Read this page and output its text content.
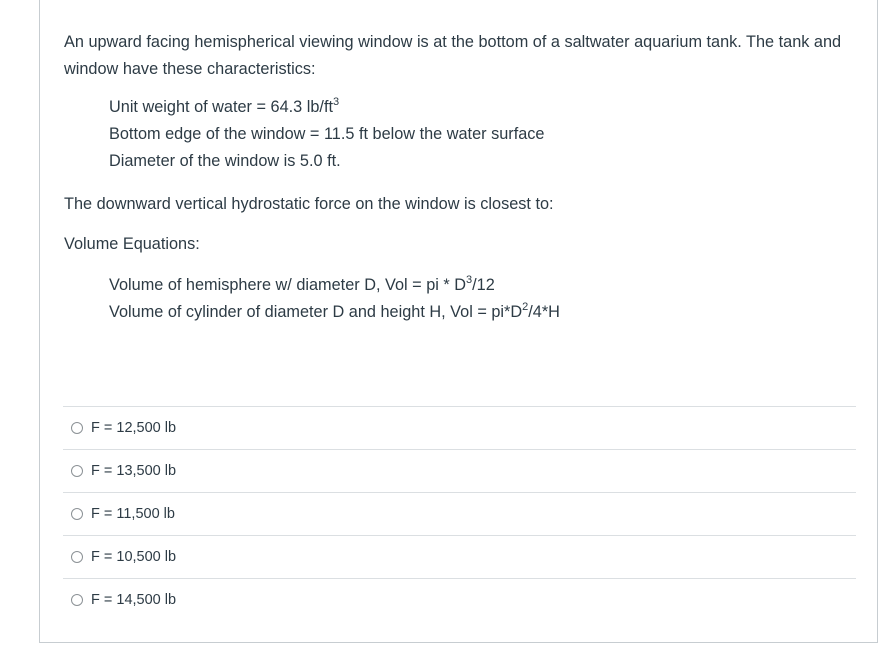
An upward facing hemispherical viewing window is at the bottom of a saltwater aquarium tank. The tank and window have these characteristics:

Unit weight of water = 64.3 $lb/ft^3$
Bottom edge of the window = 11.5 ft below the water surface
Diameter of the window is 5.0 ft.

The downward vertical hydrostatic force on the window is closest to:

Volume Equations:

Volume of hemisphere w/ diameter D, Vol = pi * $D^3/12$
Volume of cylinder of diameter D and height H, Vol = $pi*D^2/4*H$
F = 12,500 lb
F = 13,500 lb
F = 11,500 lb
F = 10,500 lb
F = 14,500 lb
